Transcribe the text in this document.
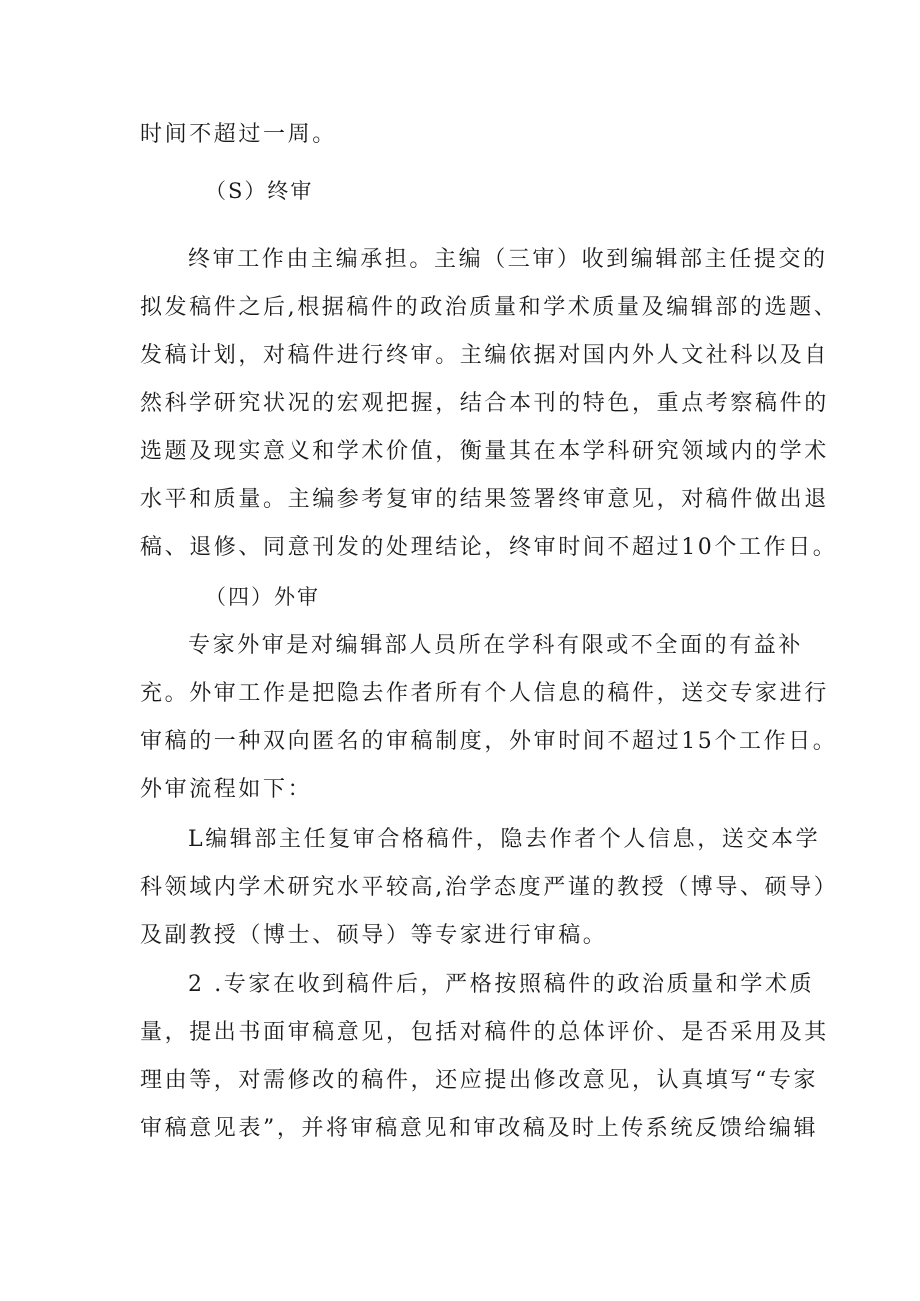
时间不超过一周。
（S）终审
终审工作由主编承担。主编（三审）收到编辑部主任提交的
拟发稿件之后,根据稿件的政治质量和学术质量及编辑部的选题、
发稿计划，对稿件进行终审。主编依据对国内外人文社科以及自
然科学研究状况的宏观把握，结合本刊的特色，重点考察稿件的
选题及现实意义和学术价值，衡量其在本学科研究领域内的学术
水平和质量。主编参考复审的结果签署终审意见，对稿件做出退
稿、退修、同意刊发的处理结论，终审时间不超过10个工作日。
（四）外审
专家外审是对编辑部人员所在学科有限或不全面的有益补
充。外审工作是把隐去作者所有个人信息的稿件，送交专家进行
审稿的一种双向匿名的审稿制度，外审时间不超过15个工作日。
外审流程如下：
L编辑部主任复审合格稿件，隐去作者个人信息，送交本学
科领域内学术研究水平较高,治学态度严谨的教授（博导、硕导）
及副教授（博士、硕导）等专家进行审稿。
2 .专家在收到稿件后，严格按照稿件的政治质量和学术质
量，提出书面审稿意见，包括对稿件的总体评价、是否采用及其
理由等，对需修改的稿件，还应提出修改意见，认真填写“专家
审稿意见表”，并将审稿意见和审改稿及时上传系统反馈给编辑
